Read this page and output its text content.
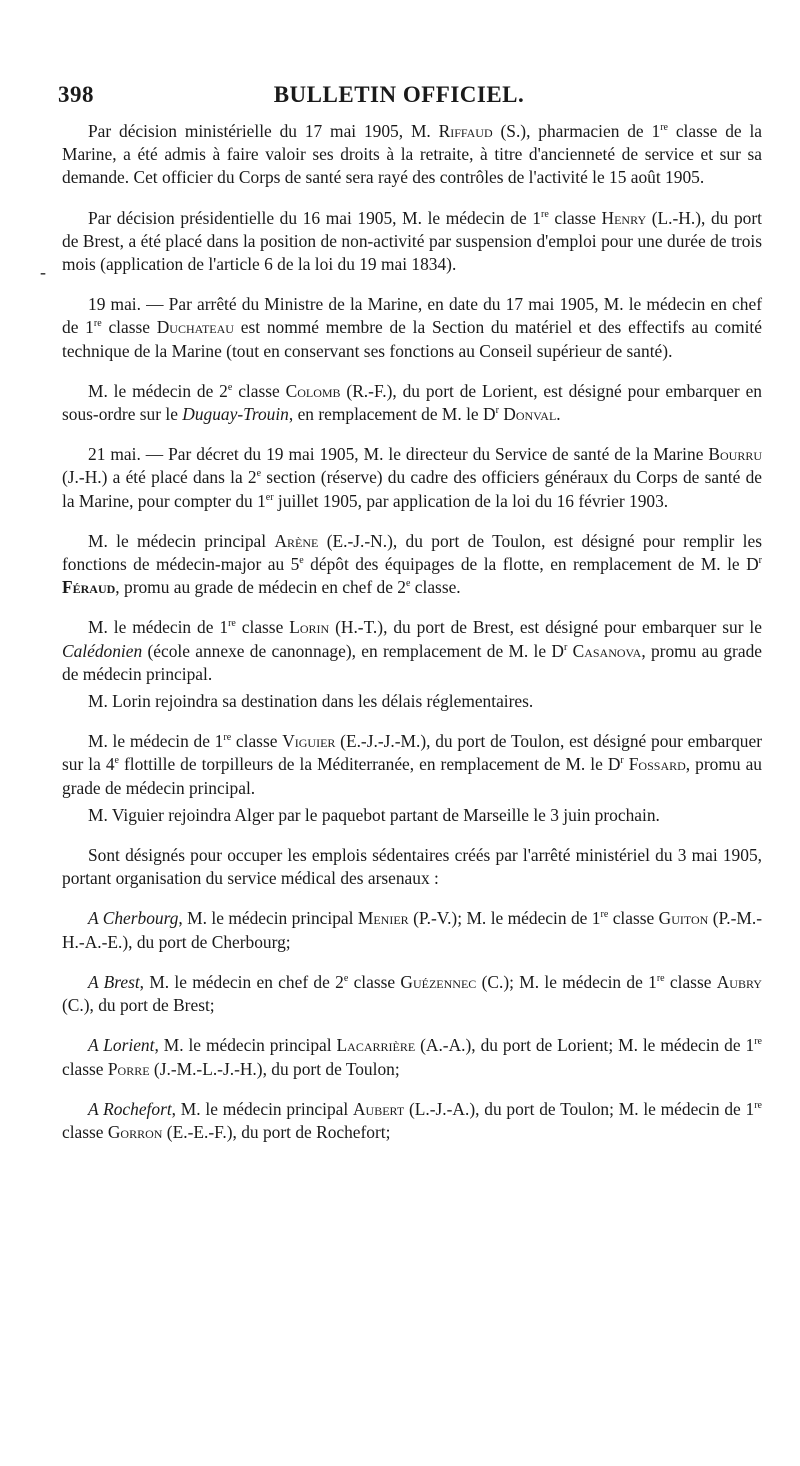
398	BULLETIN OFFICIEL.
-

Par décision ministérielle du 17 mai 1905, M. Riffaud (S.), pharmacien de 1re classe de la Marine, a été admis à faire valoir ses droits à la retraite, à titre d'ancienneté de service et sur sa demande. Cet officier du Corps de santé sera rayé des contrôles de l'activité le 15 août 1905.

Par décision présidentielle du 16 mai 1905, M. le médecin de 1re classe Henry (L.-H.), du port de Brest, a été placé dans la position de non-activité par suspension d'emploi pour une durée de trois mois (application de l'article 6 de la loi du 19 mai 1834).

19 mai. — Par arrêté du Ministre de la Marine, en date du 17 mai 1905, M. le médecin en chef de 1re classe Duchateau est nommé membre de la Section du matériel et des effectifs au comité technique de la Marine (tout en conservant ses fonctions au Conseil supérieur de santé).

M. le médecin de 2e classe Colomb (R.-F.), du port de Lorient, est désigné pour embarquer en sous-ordre sur le Duguay-Trouin, en remplacement de M. le $D^r$ Donval.

21 mai. — Par décret du 19 mai 1905, M. le directeur du Service de santé de la Marine Bourru (J.-H.) a été placé dans la 2e section (réserve) du cadre des officiers généraux du Corps de santé de la Marine, pour compter du 1er juillet 1905, par application de la loi du 16 février 1903.

M. le médecin principal Arène (E.-J.-N.), du port de Toulon, est désigné pour remplir les fonctions de médecin-major au 5e dépôt des équipages de la flotte, en remplacement de M. le $D^r$ Féraud, promu au grade de médecin en chef de 2e classe.

M. le médecin de 1re classe Lorin (H.-T.), du port de Brest, est désigné pour embarquer sur le Calédonien (école annexe de canonnage), en remplacement de M. le $D^r$ Casanova, promu au grade de médecin principal.

M. Lorin rejoindra sa destination dans les délais réglementaires.

M. le médecin de 1re classe Viguier (E.-J.-J.-M.), du port de Toulon, est désigné pour embarquer sur la 4e flottille de torpilleurs de la Méditerranée, en remplacement de M. le $D^r$ Fossard, promu au grade de médecin principal.

M. Viguier rejoindra Alger par le paquebot partant de Marseille le 3 juin prochain.

Sont désignés pour occuper les emplois sédentaires créés par l'arrêté ministériel du 3 mai 1905, portant organisation du service médical des arsenaux :

A Cherbourg, M. le médecin principal Menier (P.-V.); M. le médecin de 1re classe Guiton (P.-M.-H.-A.-E.), du port de Cherbourg;

A Brest, M. le médecin en chef de 2e classe Guézennec (C.); M. le médecin de 1re classe Aubry (C.), du port de Brest;

A Lorient, M. le médecin principal Lacarrière (A.-A.), du port de Lorient; M. le médecin de 1re classe Porre (J.-M.-L.-J.-H.), du port de Toulon;

A Rochefort, M. le médecin principal Aubert (L.-J.-A.), du port de Toulon; M. le médecin de 1re classe Gorron (E.-E.-F.), du port de Rochefort;
